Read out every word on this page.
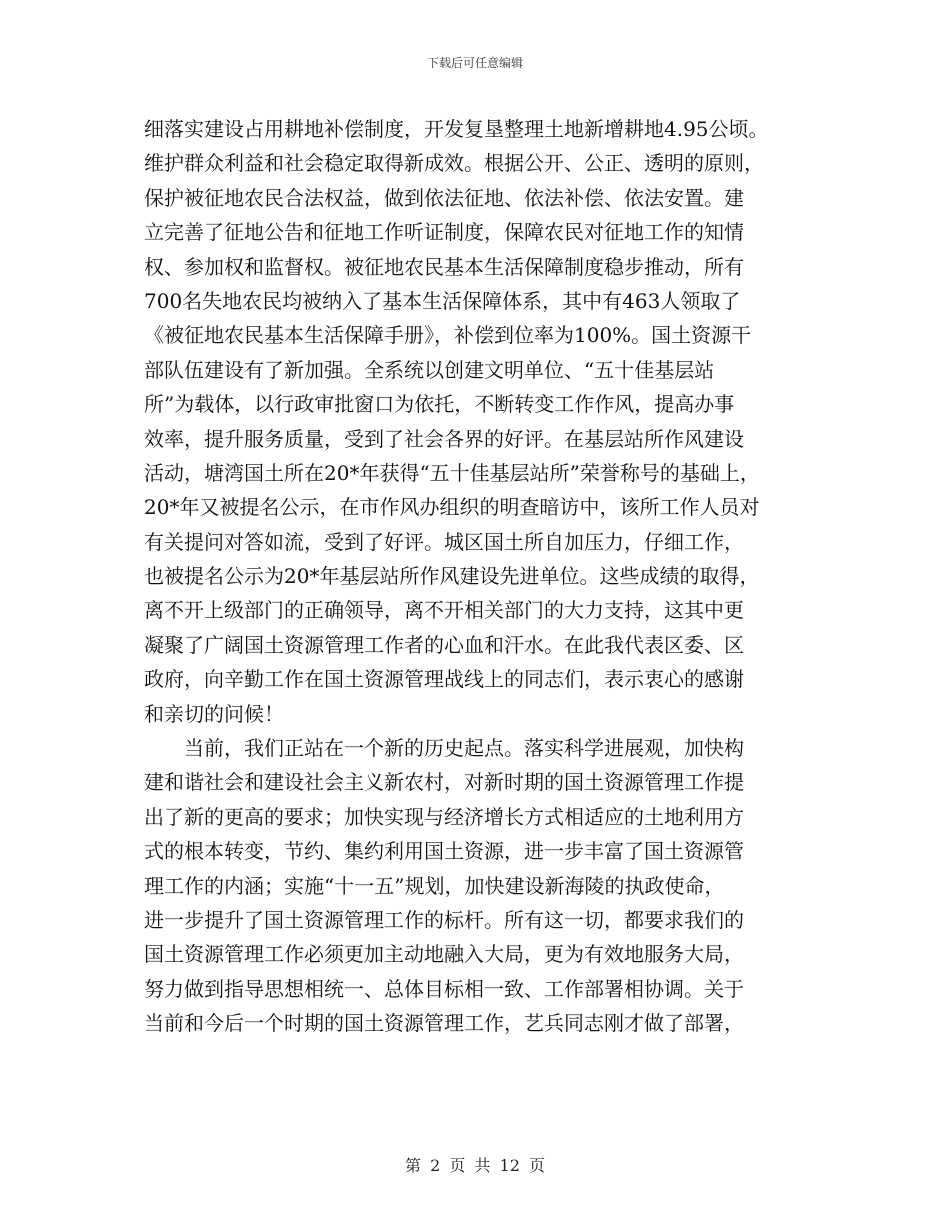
下载后可任意编辑
细落实建设占用耕地补偿制度，开发复垦整理土地新增耕地4.95公顷。
维护群众利益和社会稳定取得新成效。根据公开、公正、透明的原则，
保护被征地农民合法权益，做到依法征地、依法补偿、依法安置。建
立完善了征地公告和征地工作听证制度，保障农民对征地工作的知情
权、参加权和监督权。被征地农民基本生活保障制度稳步推动，所有
700名失地农民均被纳入了基本生活保障体系，其中有463人领取了
《被征地农民基本生活保障手册》，补偿到位率为100%。国土资源干
部队伍建设有了新加强。全系统以创建文明单位、“五十佳基层站
所”为载体，以行政审批窗口为依托，不断转变工作作风，提高办事
效率，提升服务质量，受到了社会各界的好评。在基层站所作风建设
活动，塘湾国土所在20*年获得“五十佳基层站所”荣誉称号的基础上，
20*年又被提名公示，在市作风办组织的明查暗访中，该所工作人员对
有关提问对答如流，受到了好评。城区国土所自加压力，仔细工作，
也被提名公示为20*年基层站所作风建设先进单位。这些成绩的取得，
离不开上级部门的正确领导，离不开相关部门的大力支持，这其中更
凝聚了广阔国土资源管理工作者的心血和汗水。在此我代表区委、区
政府，向辛勤工作在国土资源管理战线上的同志们，表示衷心的感谢
和亲切的问候！
　　当前，我们正站在一个新的历史起点。落实科学进展观，加快构
建和谐社会和建设社会主义新农村，对新时期的国土资源管理工作提
出了新的更高的要求；加快实现与经济增长方式相适应的土地利用方
式的根本转变，节约、集约利用国土资源，进一步丰富了国土资源管
理工作的内涵；实施“十一五”规划，加快建设新海陵的执政使命，
进一步提升了国土资源管理工作的标杆。所有这一切，都要求我们的
国土资源管理工作必须更加主动地融入大局，更为有效地服务大局，
努力做到指导思想相统一、总体目标相一致、工作部署相协调。关于
当前和今后一个时期的国土资源管理工作，艺兵同志刚才做了部署，
第 2 页 共 12 页
